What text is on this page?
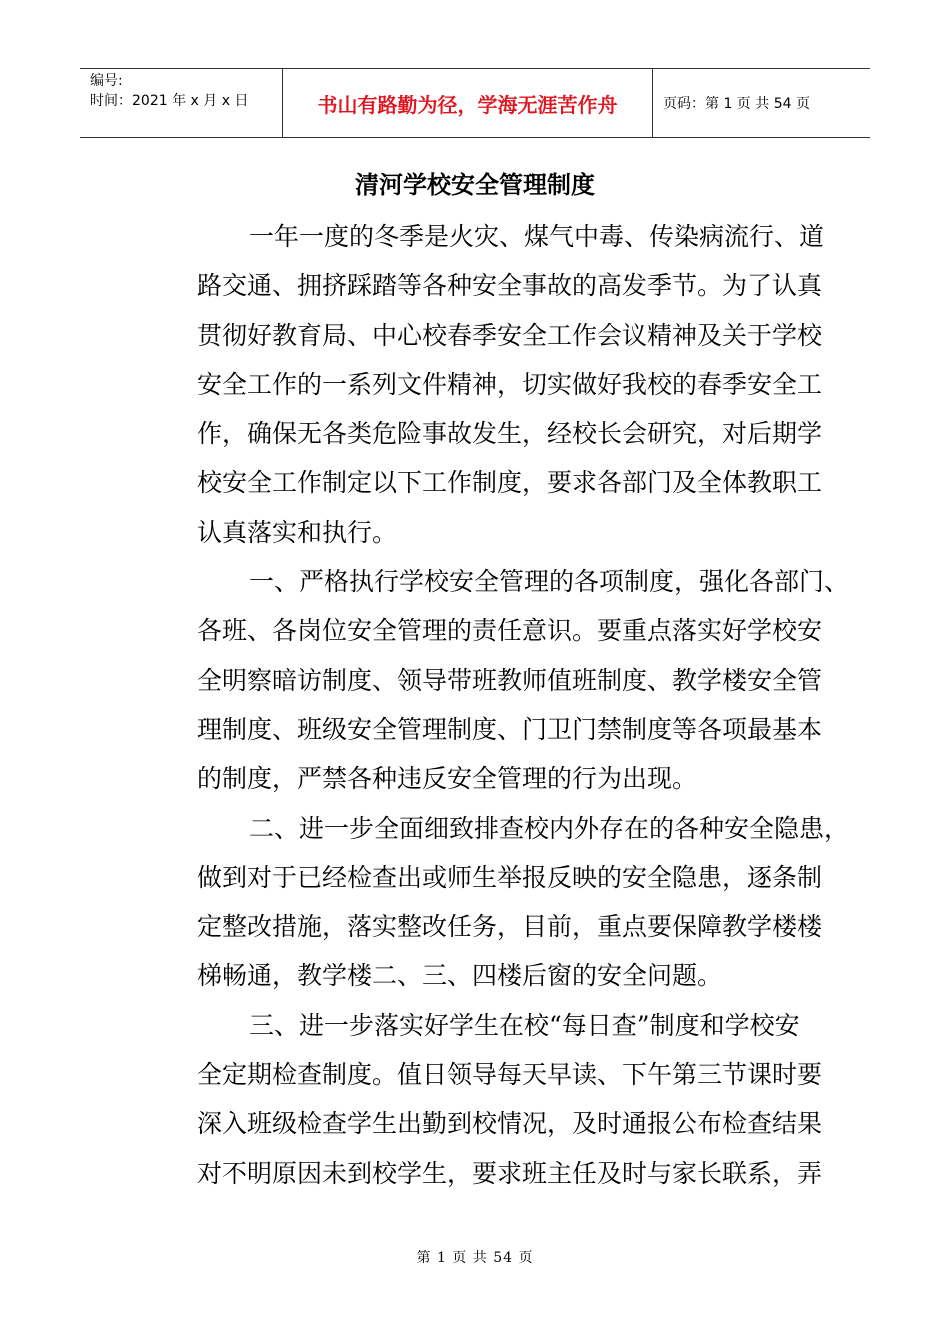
编号:
时间：2021 年 x 月 x 日	书山有路勤为径，学海无涯苦作舟	页码：第 1 页 共 54 页
清河学校安全管理制度
一年一度的冬季是火灾、煤气中毒、传染病流行、道
路交通、拥挤踩踏等各种安全事故的高发季节。为了认真
贯彻好教育局、中心校春季安全工作会议精神及关于学校
安全工作的一系列文件精神，切实做好我校的春季安全工
作，确保无各类危险事故发生，经校长会研究，对后期学
校安全工作制定以下工作制度，要求各部门及全体教职工
认真落实和执行。
一、严格执行学校安全管理的各项制度，强化各部门、
各班、各岗位安全管理的责任意识。要重点落实好学校安
全明察暗访制度、领导带班教师值班制度、教学楼安全管
理制度、班级安全管理制度、门卫门禁制度等各项最基本
的制度，严禁各种违反安全管理的行为出现。
二、进一步全面细致排查校内外存在的各种安全隐患，
做到对于已经检查出或师生举报反映的安全隐患，逐条制
定整改措施，落实整改任务，目前，重点要保障教学楼楼
梯畅通，教学楼二、三、四楼后窗的安全问题。
三、进一步落实好学生在校“每日查”制度和学校安
全定期检查制度。值日领导每天早读、下午第三节课时要
深入班级检查学生出勤到校情况，及时通报公布检查结果
对不明原因未到校学生，要求班主任及时与家长联系，弄
第 1 页 共 54 页
